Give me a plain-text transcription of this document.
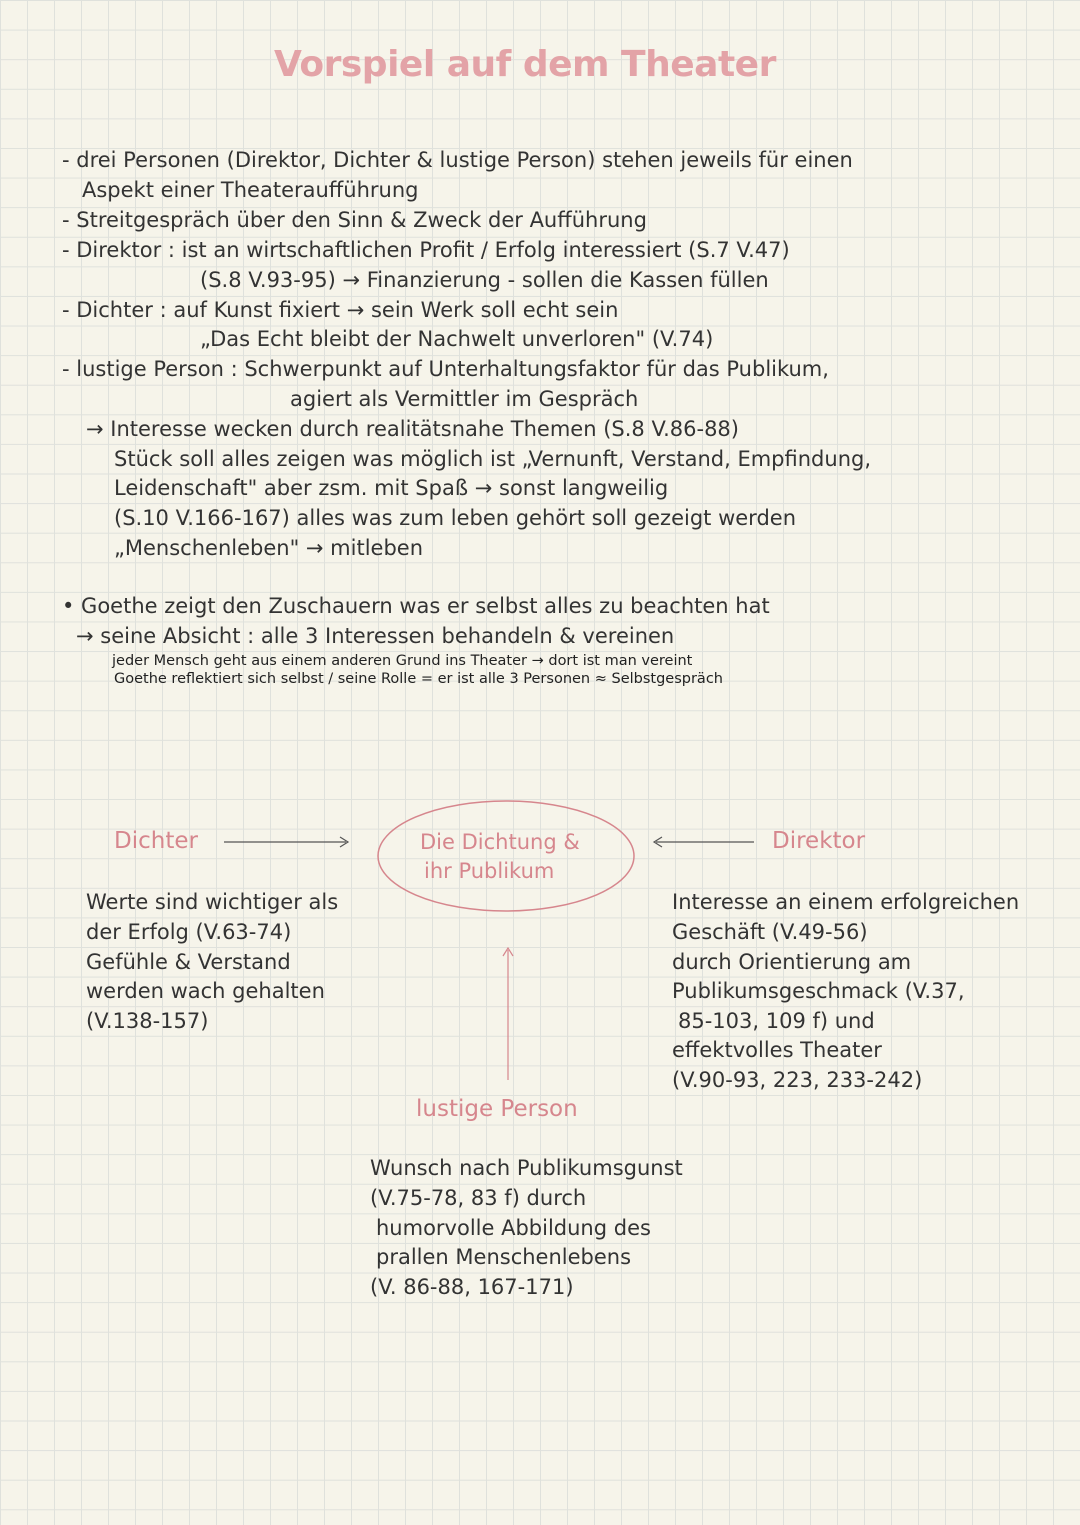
Vorspiel auf dem Theater
- drei Personen (Direktor, Dichter & lustige Person) stehen jeweils für einen
Aspekt einer Theateraufführung
- Streitgespräch über den Sinn & Zweck der Aufführung
- Direktor : ist an wirtschaftlichen Profit / Erfolg interessiert (S.7 V.47)
(S.8 V.93-95) → Finanzierung - sollen die Kassen füllen
- Dichter : auf Kunst fixiert → sein Werk soll echt sein
„Das Echt bleibt der Nachwelt unverloren" (V.74)
- lustige Person : Schwerpunkt auf Unterhaltungsfaktor für das Publikum,
agiert als Vermittler im Gespräch
→ Interesse wecken durch realitätsnahe Themen (S.8 V.86-88)
Stück soll alles zeigen was möglich ist „Vernunft, Verstand, Empfindung,
Leidenschaft" aber zsm. mit Spaß → sonst langweilig
(S.10 V.166-167) alles was zum leben gehört soll gezeigt werden
„Menschenleben" → mitleben
• Goethe zeigt den Zuschauern was er selbst alles zu beachten hat
→ seine Absicht : alle 3 Interessen behandeln & vereinen
jeder Mensch geht aus einem anderen Grund ins Theater → dort ist man vereint
Goethe reflektiert sich selbst / seine Rolle = er ist alle 3 Personen ≈ Selbstgespräch
Die Dichtung &
ihr Publikum
Dichter
Werte sind wichtiger als
der Erfolg (V.63-74)
Gefühle & Verstand
werden wach gehalten
(V.138-157)
Direktor
Interesse an einem erfolgreichen
Geschäft (V.49-56)
durch Orientierung am
Publikumsgeschmack (V.37,
85-103, 109 f) und
effektvolles Theater
(V.90-93, 223, 233-242)
lustige Person
Wunsch nach Publikumsgunst
(V.75-78, 83 f) durch
humorvolle Abbildung des
prallen Menschenlebens
(V. 86-88, 167-171)
